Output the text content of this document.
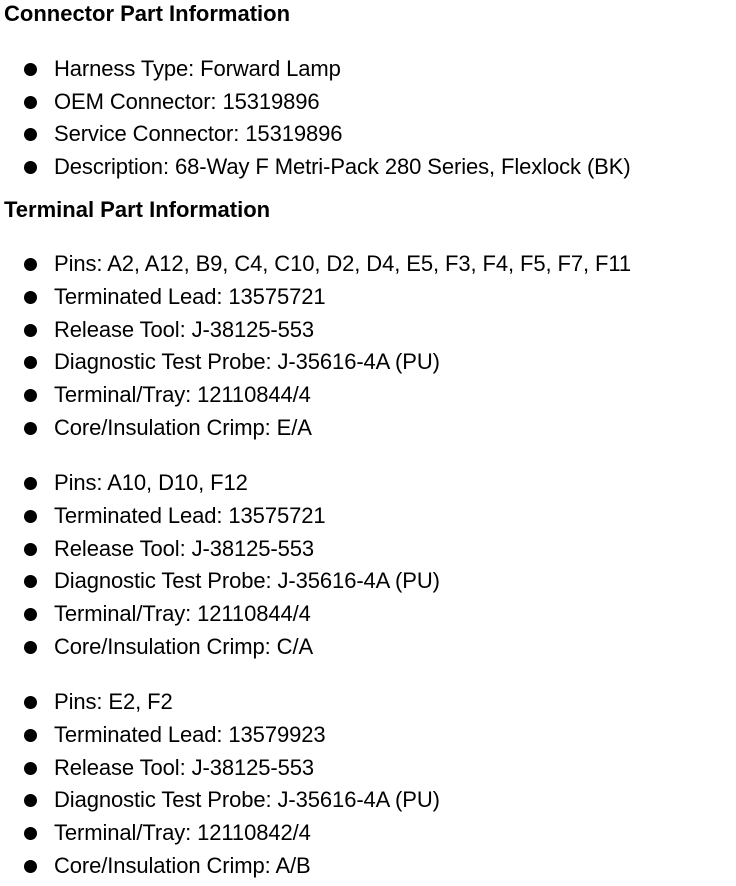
Connector Part Information
Harness Type: Forward Lamp
OEM Connector: 15319896
Service Connector: 15319896
Description: 68-Way F Metri-Pack 280 Series, Flexlock (BK)
Terminal Part Information
Pins: A2, A12, B9, C4, C10, D2, D4, E5, F3, F4, F5, F7, F11
Terminated Lead: 13575721
Release Tool: J-38125-553
Diagnostic Test Probe: J-35616-4A (PU)
Terminal/Tray: 12110844/4
Core/Insulation Crimp: E/A
Pins: A10, D10, F12
Terminated Lead: 13575721
Release Tool: J-38125-553
Diagnostic Test Probe: J-35616-4A (PU)
Terminal/Tray: 12110844/4
Core/Insulation Crimp: C/A
Pins: E2, F2
Terminated Lead: 13579923
Release Tool: J-38125-553
Diagnostic Test Probe: J-35616-4A (PU)
Terminal/Tray: 12110842/4
Core/Insulation Crimp: A/B
